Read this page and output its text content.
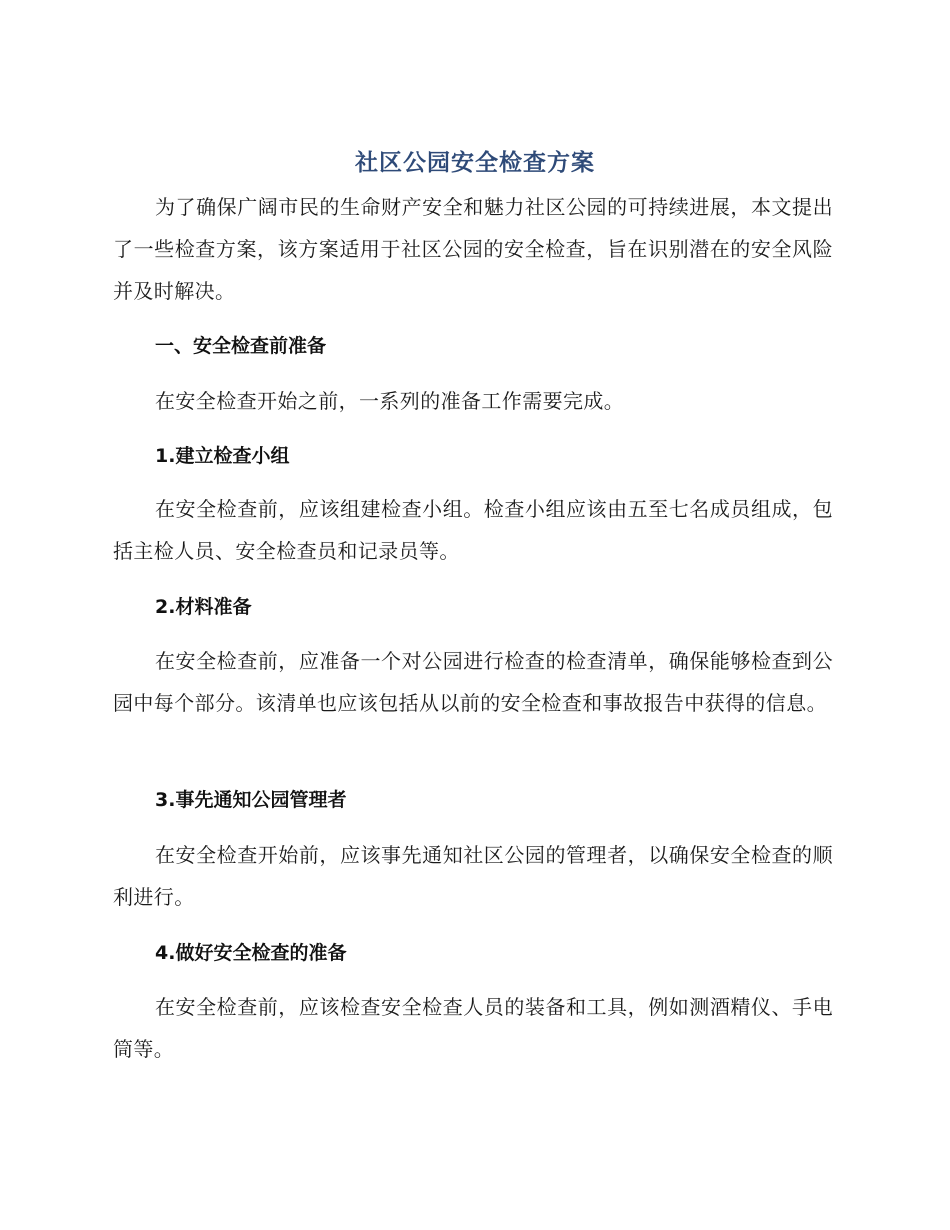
社区公园安全检查方案

为了确保广阔市民的生命财产安全和魅力社区公园的可持续进展，本文提出了一些检查方案，该方案适用于社区公园的安全检查，旨在识别潜在的安全风险并及时解决。

一、安全检查前准备

在安全检查开始之前，一系列的准备工作需要完成。

1.建立检查小组

在安全检查前，应该组建检查小组。检查小组应该由五至七名成员组成，包括主检人员、安全检查员和记录员等。

2.材料准备

在安全检查前，应准备一个对公园进行检查的检查清单，确保能够检查到公园中每个部分。该清单也应该包括从以前的安全检查和事故报告中获得的信息。

3.事先通知公园管理者

在安全检查开始前，应该事先通知社区公园的管理者，以确保安全检查的顺利进行。

4.做好安全检查的准备

在安全检查前，应该检查安全检查人员的装备和工具，例如测酒精仪、手电筒等。
